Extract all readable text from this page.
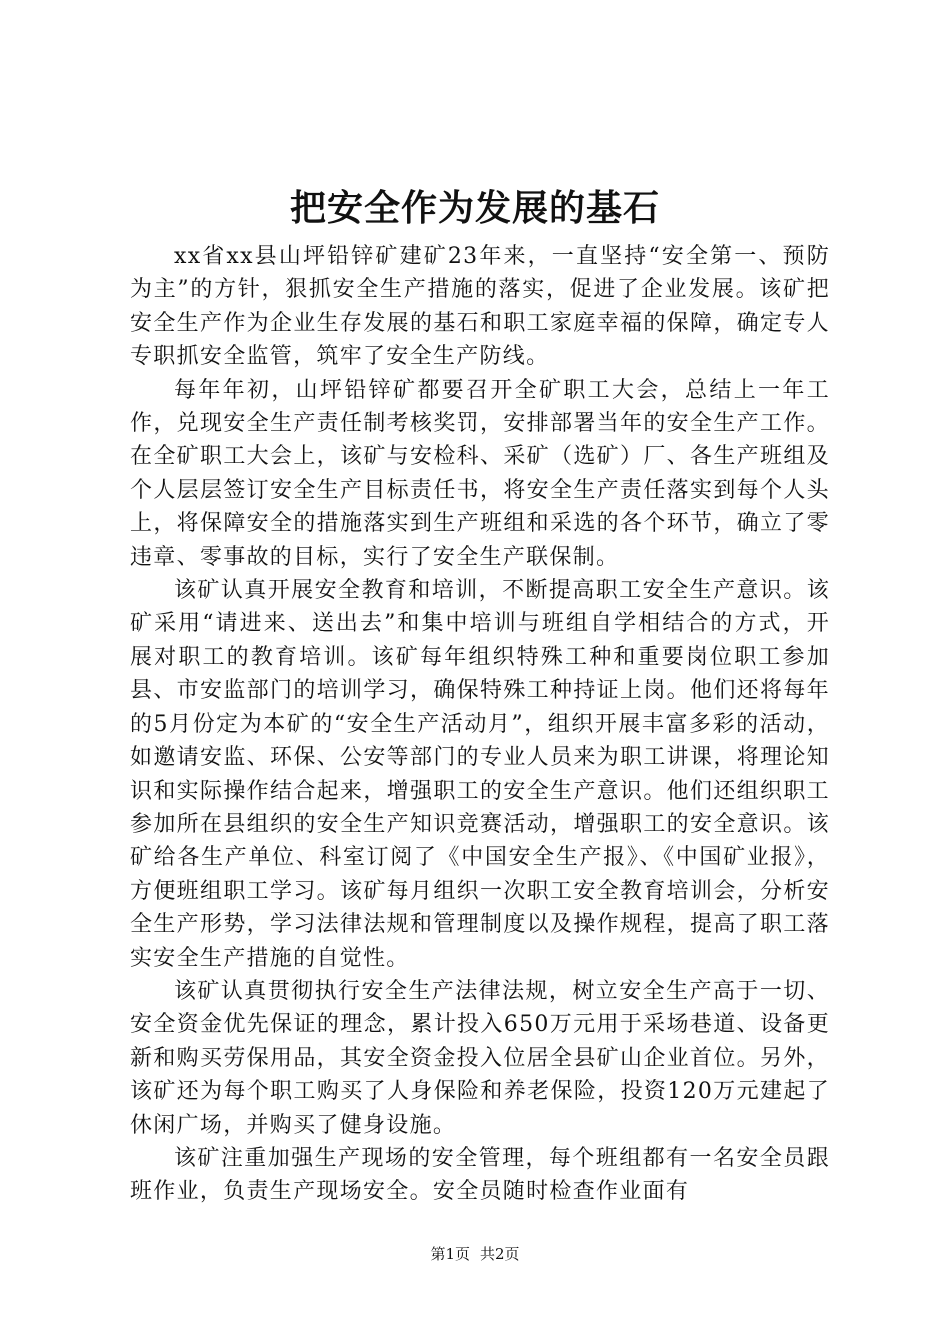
把安全作为发展的基石

xx省xx县山坪铅锌矿建矿23年来，一直坚持“安全第一、预防为主”的方针，狠抓安全生产措施的落实，促进了企业发展。该矿把安全生产作为企业生存发展的基石和职工家庭幸福的保障，确定专人专职抓安全监管，筑牢了安全生产防线。

每年年初，山坪铅锌矿都要召开全矿职工大会，总结上一年工作，兑现安全生产责任制考核奖罚，安排部署当年的安全生产工作。在全矿职工大会上，该矿与安检科、采矿（选矿）厂、各生产班组及个人层层签订安全生产目标责任书，将安全生产责任落实到每个人头上，将保障安全的措施落实到生产班组和采选的各个环节，确立了零违章、零事故的目标，实行了安全生产联保制。

该矿认真开展安全教育和培训，不断提高职工安全生产意识。该矿采用“请进来、送出去”和集中培训与班组自学相结合的方式，开展对职工的教育培训。该矿每年组织特殊工种和重要岗位职工参加县、市安监部门的培训学习，确保特殊工种持证上岗。他们还将每年的5月份定为本矿的“安全生产活动月”，组织开展丰富多彩的活动，如邀请安监、环保、公安等部门的专业人员来为职工讲课，将理论知识和实际操作结合起来，增强职工的安全生产意识。他们还组织职工参加所在县组织的安全生产知识竞赛活动，增强职工的安全意识。该矿给各生产单位、科室订阅了《中国安全生产报》、《中国矿业报》，方便班组职工学习。该矿每月组织一次职工安全教育培训会，分析安全生产形势，学习法律法规和管理制度以及操作规程，提高了职工落实安全生产措施的自觉性。

该矿认真贯彻执行安全生产法律法规，树立安全生产高于一切、安全资金优先保证的理念，累计投入650万元用于采场巷道、设备更新和购买劳保用品，其安全资金投入位居全县矿山企业首位。另外，该矿还为每个职工购买了人身保险和养老保险，投资120万元建起了休闲广场，并购买了健身设施。

该矿注重加强生产现场的安全管理，每个班组都有一名安全员跟班作业，负责生产现场安全。安全员随时检查作业面有

第1页 共2页
